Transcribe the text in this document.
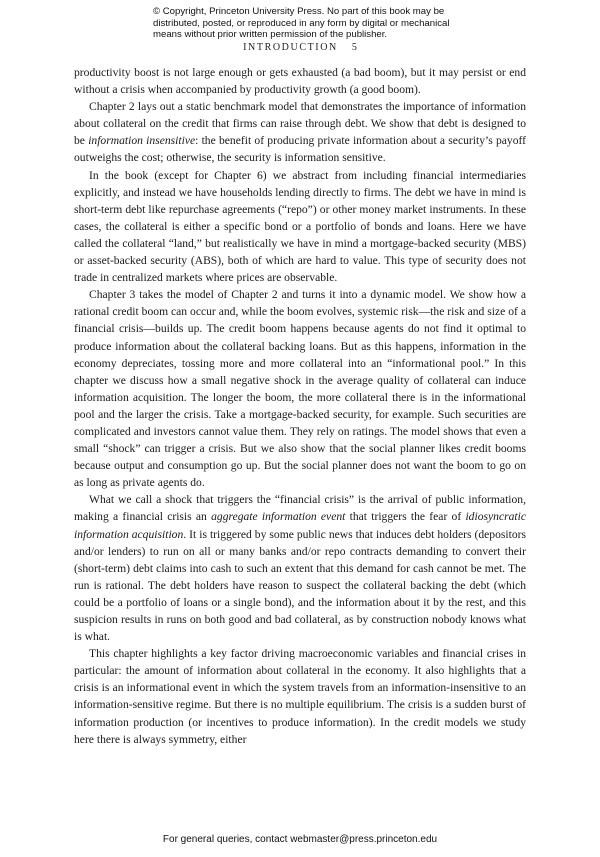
© Copyright, Princeton University Press. No part of this book may be distributed, posted, or reproduced in any form by digital or mechanical means without prior written permission of the publisher.
INTRODUCTION 5

productivity boost is not large enough or gets exhausted (a bad boom), but it may persist or end without a crisis when accompanied by productivity growth (a good boom).

Chapter 2 lays out a static benchmark model that demonstrates the importance of information about collateral on the credit that firms can raise through debt. We show that debt is designed to be information insensitive: the benefit of producing private information about a security’s payoff outweighs the cost; otherwise, the security is information sensitive.

In the book (except for Chapter 6) we abstract from including financial intermediaries explicitly, and instead we have households lending directly to firms. The debt we have in mind is short-term debt like repurchase agreements (“repo”) or other money market instruments. In these cases, the collateral is either a specific bond or a portfolio of bonds and loans. Here we have called the collateral “land,” but realistically we have in mind a mortgage-backed security (MBS) or asset-backed security (ABS), both of which are hard to value. This type of security does not trade in centralized markets where prices are observable.

Chapter 3 takes the model of Chapter 2 and turns it into a dynamic model. We show how a rational credit boom can occur and, while the boom evolves, systemic risk—the risk and size of a financial crisis—builds up. The credit boom happens because agents do not find it optimal to produce information about the collateral backing loans. But as this happens, information in the economy depreciates, tossing more and more collateral into an “informational pool.” In this chapter we discuss how a small negative shock in the average quality of collateral can induce information acquisition. The longer the boom, the more collateral there is in the informational pool and the larger the crisis. Take a mortgage-backed security, for example. Such securities are complicated and investors cannot value them. They rely on ratings. The model shows that even a small “shock” can trigger a crisis. But we also show that the social planner likes credit booms because output and consumption go up. But the social planner does not want the boom to go on as long as private agents do.

What we call a shock that triggers the “financial crisis” is the arrival of public information, making a financial crisis an aggregate information event that triggers the fear of idiosyncratic information acquisition. It is triggered by some public news that induces debt holders (depositors and/or lenders) to run on all or many banks and/or repo contracts demanding to convert their (short-term) debt claims into cash to such an extent that this demand for cash cannot be met. The run is rational. The debt holders have reason to suspect the collateral backing the debt (which could be a portfolio of loans or a single bond), and the information about it by the rest, and this suspicion results in runs on both good and bad collateral, as by construction nobody knows what is what.

This chapter highlights a key factor driving macroeconomic variables and financial crises in particular: the amount of information about collateral in the economy. It also highlights that a crisis is an informational event in which the system travels from an information-insensitive to an information-sensitive regime. But there is no multiple equilibrium. The crisis is a sudden burst of information production (or incentives to produce information). In the credit models we study here there is always symmetry, either

For general queries, contact webmaster@press.princeton.edu
